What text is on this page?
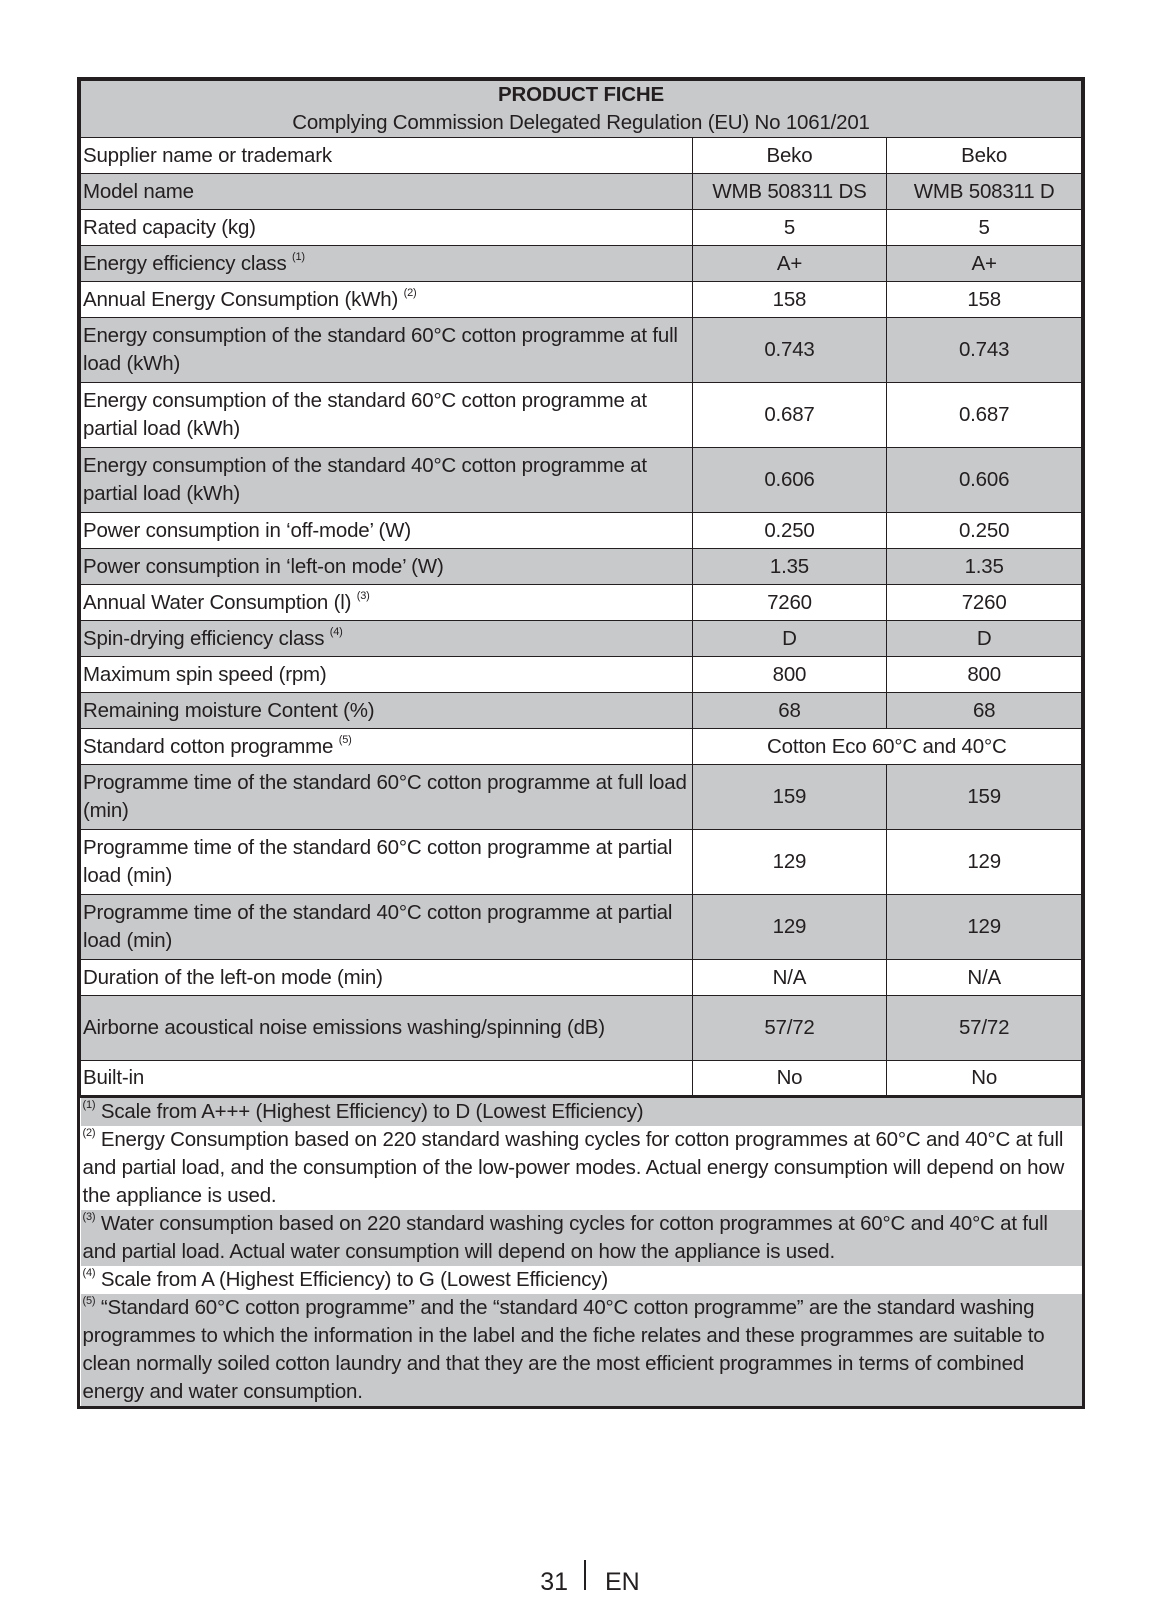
PRODUCT FICHE		
Complying Commission Delegated Regulation (EU) No 1061/201		
Supplier name or trademark	Beko	Beko
Model name	WMB 508311 DS	WMB 508311 D
Rated capacity (kg)	5	5
Energy efficiency class $^{(1)}$	A+	A+
Annual Energy Consumption (kWh) $^{(2)}$	158	158
Energy consumption of the standard 60°C cotton programme at full load (kWh)	0.743	0.743
Energy consumption of the standard 60°C cotton programme at partial load (kWh)	0.687	0.687
Energy consumption of the standard 40°C cotton programme at partial load (kWh)	0.606	0.606
Power consumption in ‘off-mode’ (W)	0.250	0.250
Power consumption in ‘left-on mode’ (W)	1.35	1.35
Annual Water Consumption (l) $^{(3)}$	7260	7260
Spin-drying efficiency class $^{(4)}$	D	D
Maximum spin speed (rpm)	800	800
Remaining moisture Content (%)	68	68
Standard cotton programme $^{(5)}$	Cotton Eco 60°C and 40°C	
Programme time of the standard 60°C cotton programme at full load (min)	159	159
Programme time of the standard 60°C cotton programme at partial load (min)	129	129
Programme time of the standard 40°C cotton programme at partial load (min)	129	129
Duration of the left-on mode (min)	N/A	N/A
Airborne acoustical noise emissions washing/spinning (dB)	57/72	57/72
Built-in	No	No
$^{(1)}$ Scale from A+++ (Highest Efficiency) to D (Lowest Efficiency)		
$^{(2)}$ Energy Consumption based on 220 standard washing cycles for cotton programmes at 60°C and 40°C at full and partial load, and the consumption of the low-power modes. Actual energy consumption will depend on how the appliance is used.		
$^{(3)}$ Water consumption based on 220 standard washing cycles for cotton programmes at 60°C and 40°C at full and partial load. Actual water consumption will depend on how the appliance is used.		
$^{(4)}$ Scale from A (Highest Efficiency) to G (Lowest Efficiency)		
$^{(5)}$ “Standard 60°C cotton programme” and the “standard 40°C cotton programme” are the standard washing programmes to which the information in the label and the fiche relates and these programmes are suitable to clean normally soiled cotton laundry and that they are the most efficient programmes in terms of combined energy and water consumption.		
31 EN
